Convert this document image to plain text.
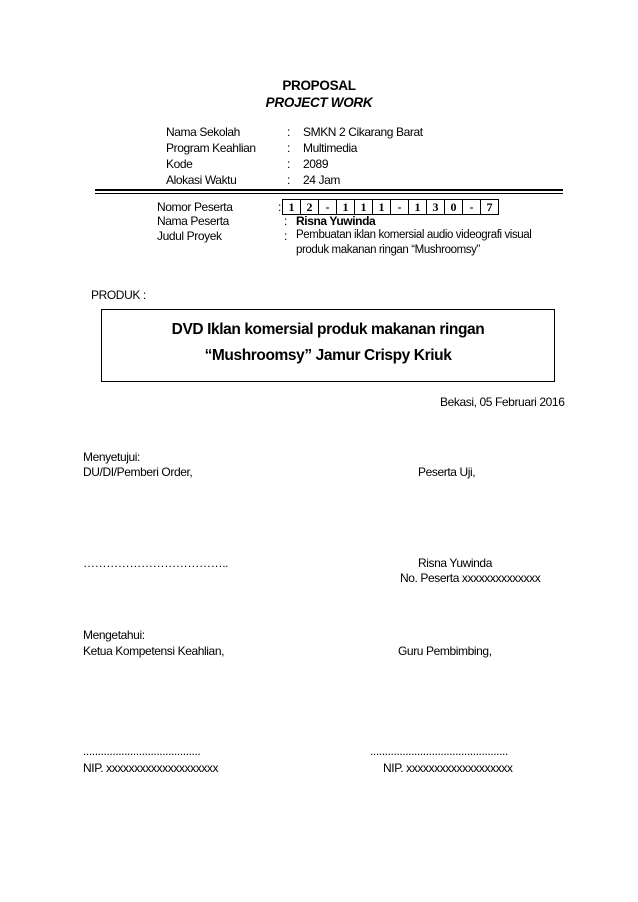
PROPOSAL
PROJECT WORK
Nama Sekolah	: SMKN 2 Cikarang Barat
Program Keahlian	: Multimedia
Kode	: 2089
Alokasi Waktu	: 24 Jam
Nomor Peserta	: 1	2	-	1	1	1	-	1	3	0	-	7
Nama Peserta	: Risna Yuwinda
Judul Proyek	: Pembuatan iklan komersial audio videografi visual
produk makanan ringan “Mushroomsy”
PRODUK :
DVD Iklan komersial produk makanan ringan
“Mushroomsy” Jamur Crispy Kriuk
Bekasi, 05 Februari 2016
Menyetujui:
DU/DI/Pemberi Order,	Peserta Uji,
………………………………..	Risna Yuwinda
No. Peserta xxxxxxxxxxxxxx
Mengetahui:
Ketua Kompetensi Keahlian,	Guru Pembimbing,
........................................	...............................................
NIP. xxxxxxxxxxxxxxxxxxxx	NIP. xxxxxxxxxxxxxxxxxxx
